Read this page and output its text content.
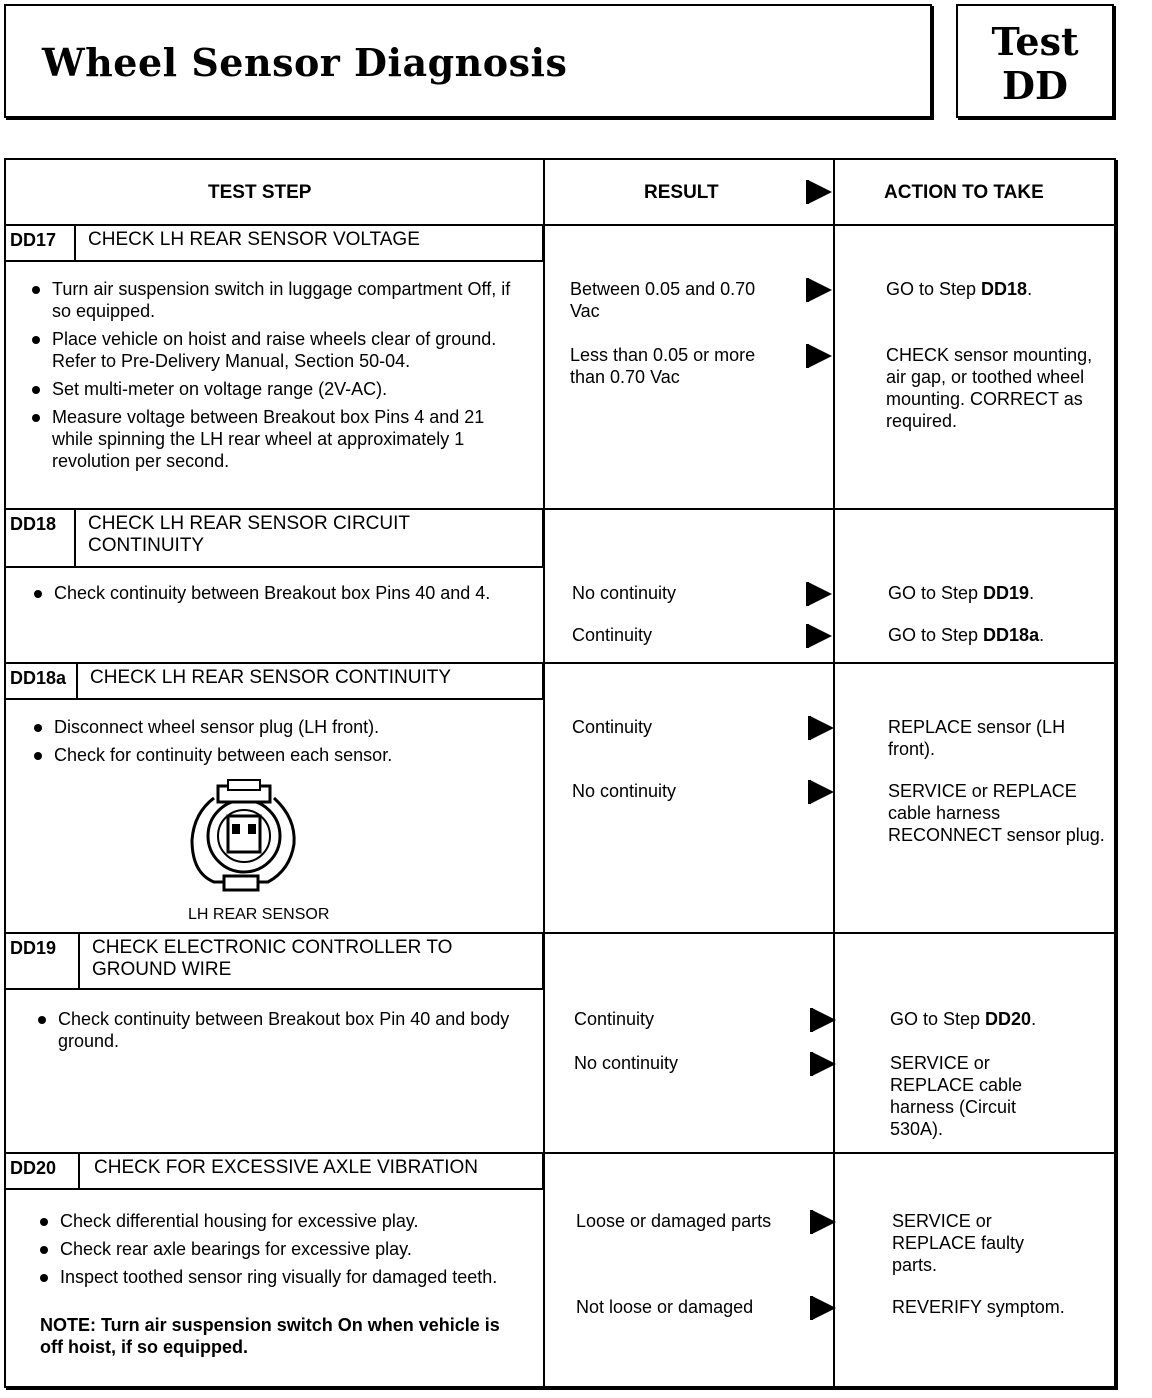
Wheel Sensor Diagnosis	Test
DD
TEST STEP	RESULT	ACTION TO TAKE
DD17	CHECK LH REAR SENSOR VOLTAGE
Turn air suspension switch in luggage compartment Off, if so equipped.
Place vehicle on hoist and raise wheels clear of ground. Refer to Pre-Delivery Manual, Section 50-04.
Set multi-meter on voltage range (2V-AC).
Measure voltage between Breakout box Pins 4 and 21 while spinning the LH rear wheel at approximately 1 revolution per second.
Between 0.05 and 0.70 Vac
GO to Step DD18.
Less than 0.05 or more than 0.70 Vac
CHECK sensor mounting, air gap, or toothed wheel mounting. CORRECT as required.
DD18	CHECK LH REAR SENSOR CIRCUIT CONTINUITY
Check continuity between Breakout box Pins 40 and 4.	No continuity	GO to Step DD19.
Continuity	GO to Step DD18a.
DD18a	CHECK LH REAR SENSOR CONTINUITY
Disconnect wheel sensor plug (LH front).
Check for continuity between each sensor.
LH REAR SENSOR
Continuity	REPLACE sensor (LH front).
No continuity	SERVICE or REPLACE cable harness RECONNECT sensor plug.
DD19	CHECK ELECTRONIC CONTROLLER TO GROUND WIRE
Check continuity between Breakout box Pin 40 and body ground.
Continuity	GO to Step DD20.
No continuity	SERVICE or REPLACE cable harness (Circuit 530A).
DD20	CHECK FOR EXCESSIVE AXLE VIBRATION
Check differential housing for excessive play.
Check rear axle bearings for excessive play.
Inspect toothed sensor ring visually for damaged teeth.
NOTE: Turn air suspension switch On when vehicle is off hoist, if so equipped.
Loose or damaged parts	SERVICE or REPLACE faulty parts.
Not loose or damaged	REVERIFY symptom.
